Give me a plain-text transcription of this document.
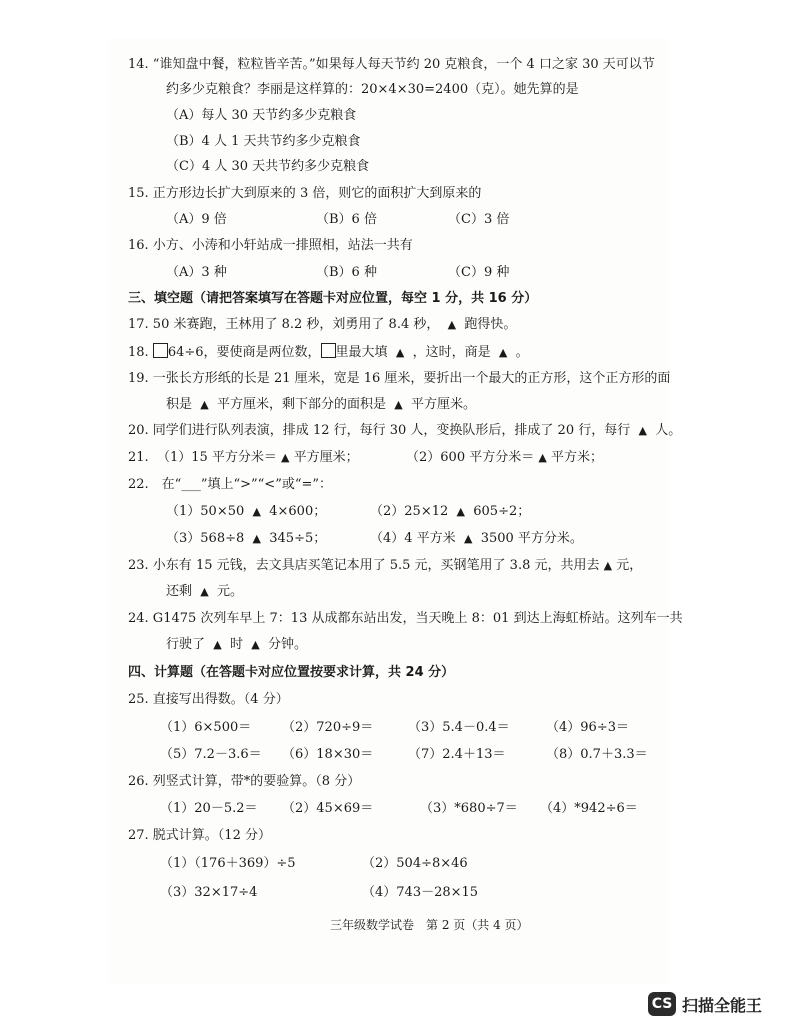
14. “谁知盘中餐，粒粒皆辛苦。”如果每人每天节约 20 克粮食，一个 4 口之家 30 天可以节
约多少克粮食？李丽是这样算的：20×4×30=2400（克）。她先算的是
（A）每人 30 天节约多少克粮食
（B）4 人 1 天共节约多少克粮食
（C）4 人 30 天共节约多少克粮食
15. 正方形边长扩大到原来的 3 倍，则它的面积扩大到原来的
（A）9 倍	（B）6 倍	（C）3 倍
16. 小方、小涛和小轩站成一排照相，站法一共有
（A）3 种	（B）6 种	（C）9 种
三、填空题（请把答案填写在答题卡对应位置，每空 1 分，共 16 分）
17. 50 米赛跑，王林用了 8.2 秒，刘勇用了 8.4 秒， ▲ 跑得快。
18. 64÷6，要使商是两位数， 里最大填 ▲ ，这时，商是 ▲ 。
19. 一张长方形纸的长是 21 厘米，宽是 16 厘米，要折出一个最大的正方形，这个正方形的面
积是 ▲ 平方厘米，剩下部分的面积是 ▲ 平方厘米。
20. 同学们进行队列表演，排成 12 行，每行 30 人，变换队形后，排成了 20 行，每行 ▲ 人。
21. （1）15 平方分米＝ ▲ 平方厘米；	（2）600 平方分米＝ ▲ 平方米；
22.　在“___”填上“>”“<”或“=”：
（1）50×50 ▲ 4×600；	（2）25×12 ▲ 605÷2；
（3）568÷8 ▲ 345÷5；	（4）4 平方米 ▲ 3500 平方分米。
23. 小东有 15 元钱，去文具店买笔记本用了 5.5 元，买钢笔用了 3.8 元，共用去 ▲ 元，
还剩 ▲ 元。
24. G1475 次列车早上 7：13 从成都东站出发，当天晚上 8：01 到达上海虹桥站。这列车一共
行驶了 ▲ 时 ▲ 分钟。
四、计算题（在答题卡对应位置按要求计算，共 24 分）
25. 直接写出得数。（4 分）
（1）6×500＝ （2）720÷9＝	（3）5.4－0.4＝	（4）96÷3＝
（5）7.2－3.6＝ （6）18×30＝	（7）2.4＋13＝	（8）0.7＋3.3＝
26. 列竖式计算，带*的要验算。（8 分）
（1）20－5.2＝ （2）45×69＝	（3）*680÷7＝ （4）*942÷6＝
27. 脱式计算。（12 分）
（1）（176＋369）÷5	（2）504÷8×46
（3）32×17÷4	（4）743－28×15
三年级数学试卷　第 2 页（共 4 页）
CS 扫描全能王
